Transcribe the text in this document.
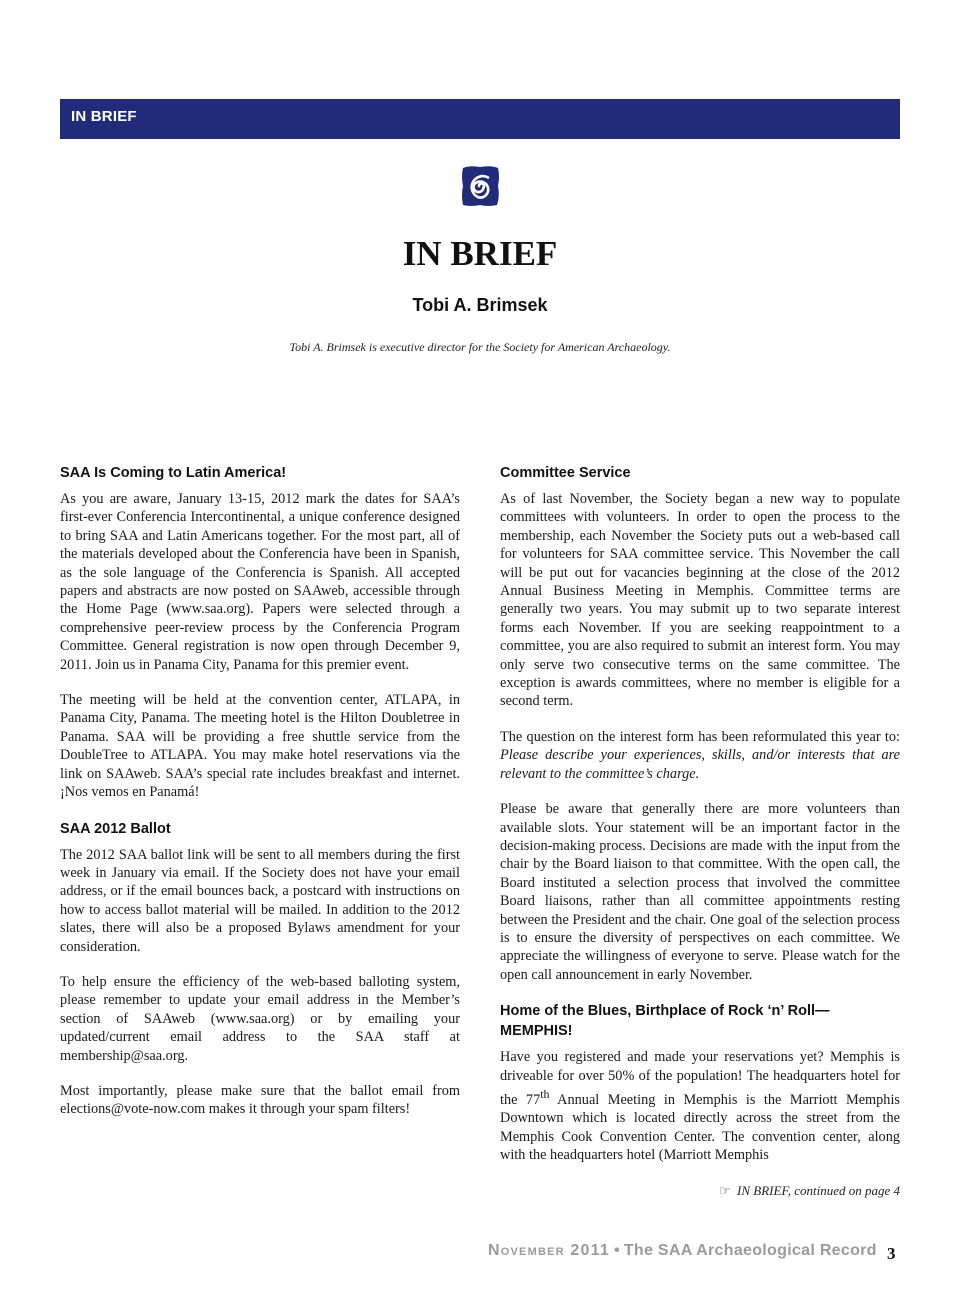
IN BRIEF
IN BRIEF
Tobi A. Brimsek
Tobi A. Brimsek is executive director for the Society for American Archaeology.
SAA Is Coming to Latin America!

As you are aware, January 13-15, 2012 mark the dates for SAA’s first-ever Conferencia Intercontinental, a unique conference designed to bring SAA and Latin Americans together. For the most part, all of the materials developed about the Conferencia have been in Spanish, as the sole language of the Conferencia is Spanish. All accepted papers and abstracts are now posted on SAAweb, accessible through the Home Page (www.saa.org). Papers were selected through a comprehensive peer-review process by the Conferencia Program Committee. General registration is now open through December 9, 2011. Join us in Panama City, Panama for this premier event.

The meeting will be held at the convention center, ATLAPA, in Panama City, Panama. The meeting hotel is the Hilton Doubletree in Panama. SAA will be providing a free shuttle service from the DoubleTree to ATLAPA. You may make hotel reservations via the link on SAAweb. SAA’s special rate includes breakfast and internet. ¡Nos vemos en Panamá!

SAA 2012 Ballot

The 2012 SAA ballot link will be sent to all members during the first week in January via email. If the Society does not have your email address, or if the email bounces back, a postcard with instructions on how to access ballot material will be mailed. In addition to the 2012 slates, there will also be a proposed Bylaws amendment for your consideration.

To help ensure the efficiency of the web-based balloting system, please remember to update your email address in the Member’s section of SAAweb (www.saa.org) or by emailing your updated/current email address to the SAA staff at membership@saa.org.

Most importantly, please make sure that the ballot email from elections@vote-now.com makes it through your spam filters!

Committee Service

As of last November, the Society began a new way to populate committees with volunteers. In order to open the process to the membership, each November the Society puts out a web-based call for volunteers for SAA committee service. This November the call will be put out for vacancies beginning at the close of the 2012 Annual Business Meeting in Memphis. Committee terms are generally two years. You may submit up to two separate interest forms each November. If you are seeking reappointment to a committee, you are also required to submit an interest form. You may only serve two consecutive terms on the same committee. The exception is awards committees, where no member is eligible for a second term.

The question on the interest form has been reformulated this year to: Please describe your experiences, skills, and/or interests that are relevant to the committee’s charge.

Please be aware that generally there are more volunteers than available slots. Your statement will be an important factor in the decision-making process. Decisions are made with the input from the chair by the Board liaison to that committee. With the open call, the Board instituted a selection process that involved the committee Board liaisons, rather than all committee appointments resting between the President and the chair. One goal of the selection process is to ensure the diversity of perspectives on each committee. We appreciate the willingness of everyone to serve. Please watch for the open call announcement in early November.

Home of the Blues, Birthplace of Rock ‘n’ Roll—MEMPHIS!

Have you registered and made your reservations yet? Memphis is driveable for over 50% of the population! The headquarters hotel for the 77th Annual Meeting in Memphis is the Marriott Memphis Downtown which is located directly across the street from the Memphis Cook Convention Center. The convention center, along with the headquarters hotel (Marriott Memphis

☞ IN BRIEF, continued on page 4
November 2011 • The SAA Archaeological Record 3
